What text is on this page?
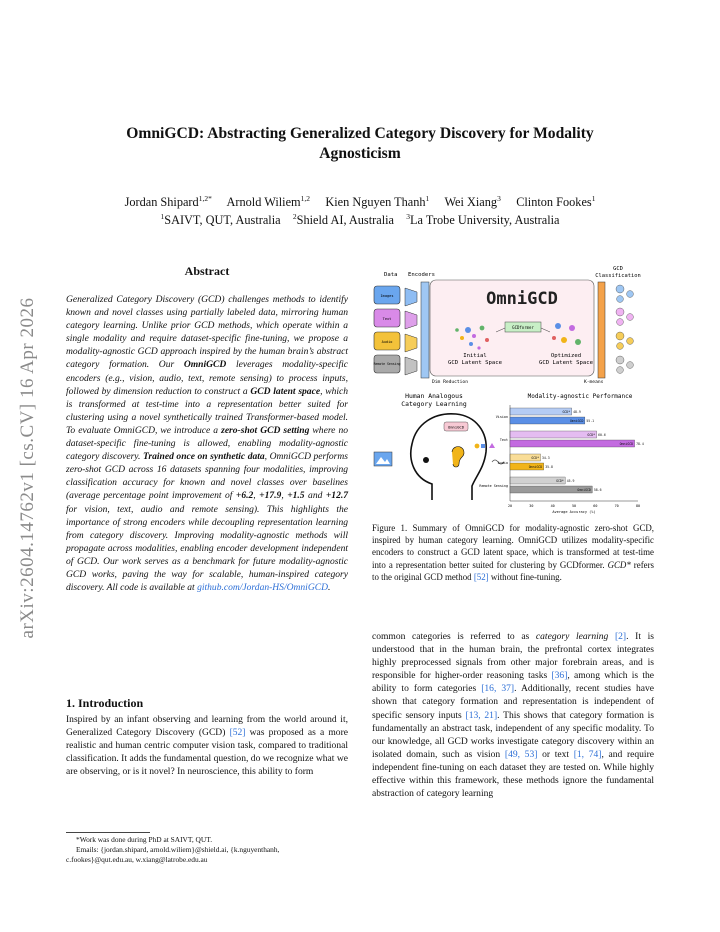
arXiv:2604.14762v1 [cs.CV] 16 Apr 2026
OmniGCD: Abstracting Generalized Category Discovery for Modality
Agnosticism
Jordan Shipard$^{1,2*}$ Arnold Wiliem$^{1,2}$ Kien Nguyen Thanh$^1$ Wei Xiang$^3$ Clinton Fookes$^1$
$^1$SAIVT, QUT, Australia $^2$Shield AI, Australia $^3$La Trobe University, Australia
Abstract
Generalized Category Discovery (GCD) challenges methods to identify known and novel classes using partially labeled data, mirroring human category learning. Unlike prior GCD methods, which operate within a single modality and require dataset-specific fine-tuning, we propose a modality-agnostic GCD approach inspired by the human brain’s abstract category formation. Our OmniGCD leverages modality-specific encoders (e.g., vision, audio, text, remote sensing) to process inputs, followed by dimension reduction to construct a GCD latent space, which is transformed at test-time into a representation better suited for clustering using a novel synthetically trained Transformer-based model. To evaluate OmniGCD, we introduce a zero-shot GCD setting where no dataset-specific fine-tuning is allowed, enabling modality-agnostic category discovery. Trained once on synthetic data, OmniGCD performs zero-shot GCD across 16 datasets spanning four modalities, improving classification accuracy for known and novel classes over baselines (average percentage point improvement of +6.2, +17.9, +1.5 and +12.7 for vision, text, audio and remote sensing). This highlights the importance of strong encoders while decoupling representation learning from category discovery. Improving modality-agnostic methods will propagate across modalities, enabling encoder development independent of GCD. Our work serves as a benchmark for future modality-agnostic GCD works, paving the way for scalable, human-inspired category discovery. All code is available at github.com/Jordan-HS/OmniGCD.
1. Introduction
Inspired by an infant observing and learning from the world around it, Generalized Category Discovery (GCD) [52] was proposed as a more realistic and human centric computer vision task, compared to traditional classification. It adds the fundamental question, do we recognize what we are observing, or is it novel? In neuroscience, this ability to form
*Work was done during PhD at SAIVT, QUT.
Emails: {jordan.shipard, arnold.wiliem}@shield.ai, {k.nguyenthanh, c.fookes}@qut.edu.au, w.xiang@latrobe.edu.au
Data Encoders
GCD
Classification
Images
Text
Audio
Remote Sensing
OmniGCD
GCDformer
Initial
GCD Latent Space
Optimized
GCD Latent Space
Dim Reduction	K-means
Human Analogous
Category Learning
OmniGCD
Modality-agnostic Performance
20	30	40	50	60	70	80
Average Accuracy (%)
Vision
GCD* 48.9
OmniGCD 55.1
Text
GCD* 60.6
OmniGCD 78.4
Audio
GCD* 34.3
OmniGCD 35.8
Remote Sensing
GCD* 45.9
OmniGCD 58.6
Figure 1. Summary of OmniGCD for modality-agnostic zero-shot GCD, inspired by human category learning. OmniGCD utilizes modality-specific encoders to construct a GCD latent space, which is transformed at test-time into a representation better suited for clustering by GCDformer. GCD* refers to the original GCD method [52] without fine-tuning.
common categories is referred to as category learning [2]. It is understood that in the human brain, the prefrontal cortex integrates highly preprocessed signals from other major forebrain areas, and is responsible for higher-order reasoning tasks [36], among which is the ability to form categories [16, 37]. Additionally, recent studies have shown that category formation and representation is independent of specific sensory inputs [13, 21]. This shows that category formation is fundamentally an abstract task, independent of any specific modality. To our knowledge, all GCD works investigate category discovery within an isolated domain, such as vision [49, 53] or text [1, 74], and require independent fine-tuning on each dataset they are tested on. While highly effective within this framework, these methods ignore the fundamental abstraction of category learning
